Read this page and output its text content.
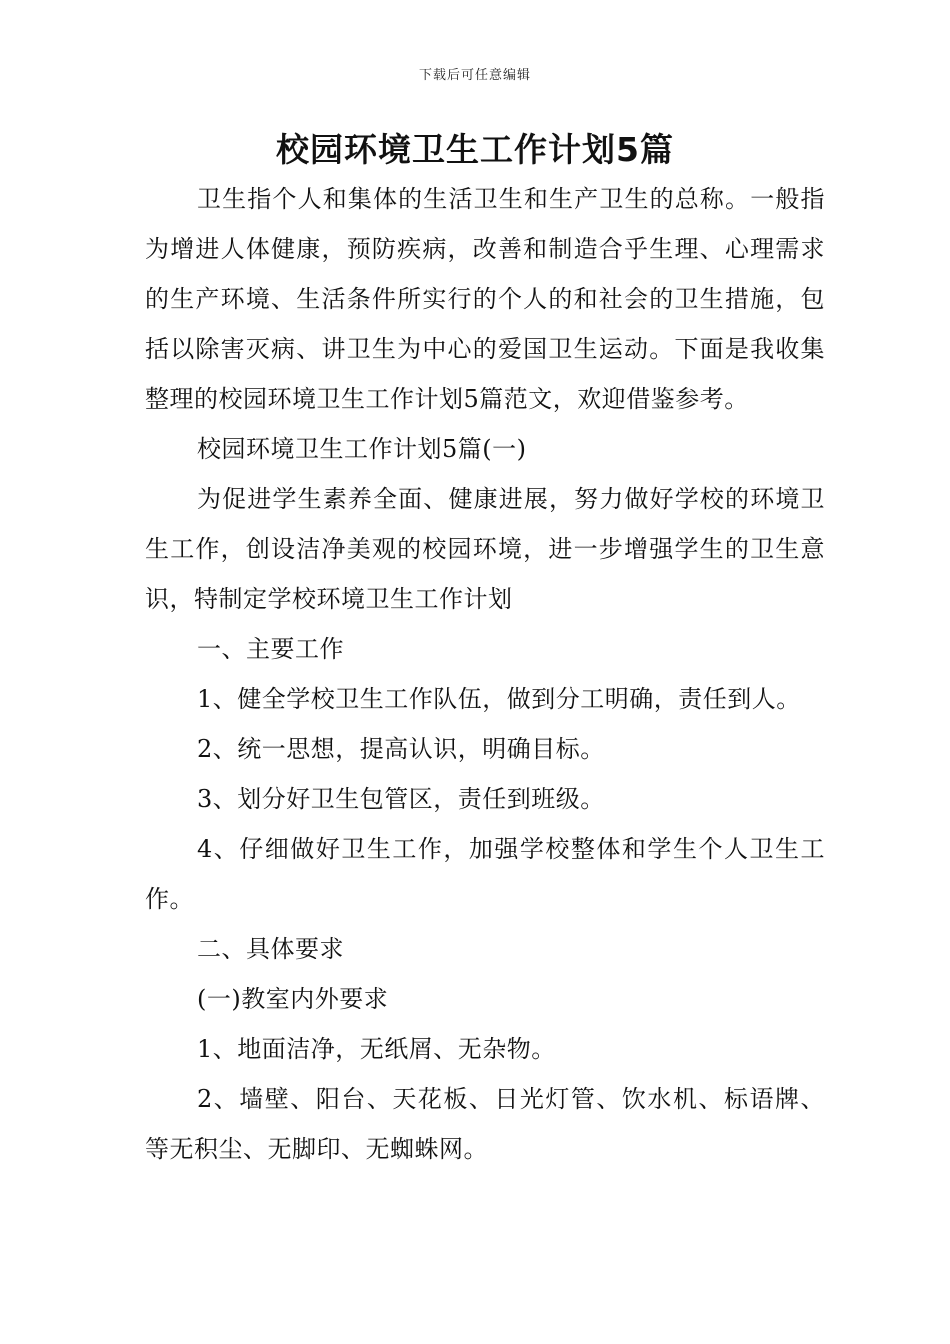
下载后可任意编辑
校园环境卫生工作计划5篇

卫生指个人和集体的生活卫生和生产卫生的总称。一般指为增进人体健康，预防疾病，改善和制造合乎生理、心理需求的生产环境、生活条件所实行的个人的和社会的卫生措施，包括以除害灭病、讲卫生为中心的爱国卫生运动。下面是我收集整理的校园环境卫生工作计划5篇范文，欢迎借鉴参考。

校园环境卫生工作计划5篇(一)

为促进学生素养全面、健康进展，努力做好学校的环境卫生工作，创设洁净美观的校园环境，进一步增强学生的卫生意识，特制定学校环境卫生工作计划

一、主要工作

1、健全学校卫生工作队伍，做到分工明确，责任到人。

2、统一思想，提高认识，明确目标。

3、划分好卫生包管区，责任到班级。

4、仔细做好卫生工作，加强学校整体和学生个人卫生工作。

二、具体要求

(一)教室内外要求

1、地面洁净，无纸屑、无杂物。

2、墙壁、阳台、天花板、日光灯管、饮水机、标语牌、等无积尘、无脚印、无蜘蛛网。
